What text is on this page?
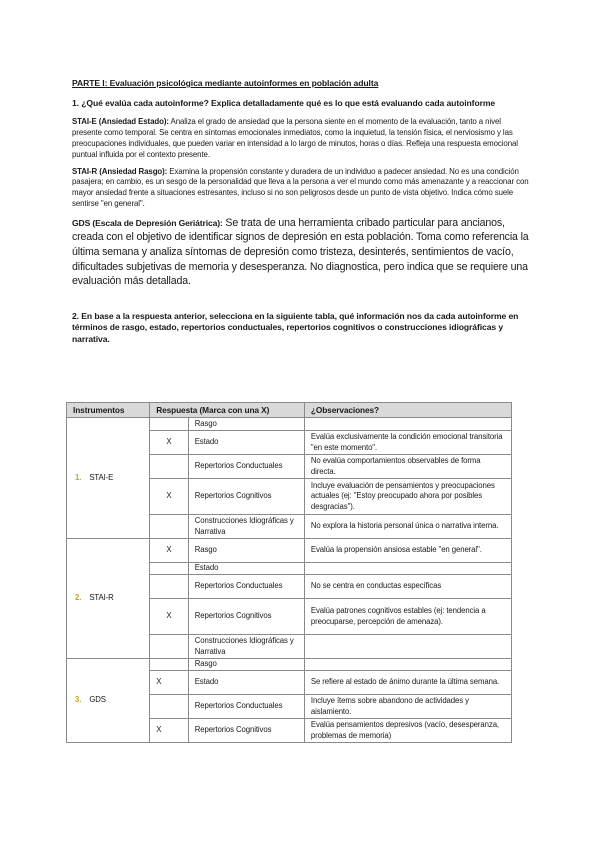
PARTE I: Evaluación psicológica mediante autoinformes en población adulta

1. ¿Qué evalúa cada autoinforme? Explica detalladamente qué es lo que está evaluando cada autoinforme

STAI-E (Ansiedad Estado): Analiza el grado de ansiedad que la persona siente en el momento de la evaluación, tanto a nivel presente como temporal. Se centra en síntomas emocionales inmediatos, como la inquietud, la tensión física, el nerviosismo y las preocupaciones individuales, que pueden variar en intensidad a lo largo de minutos, horas o días. Refleja una respuesta emocional puntual influida por el contexto presente.

STAI-R (Ansiedad Rasgo): Examina la propensión constante y duradera de un individuo a padecer ansiedad. No es una condición pasajera; en cambio, es un sesgo de la personalidad que lleva a la persona a ver el mundo como más amenazante y a reaccionar con mayor ansiedad frente a situaciones estresantes, incluso si no son peligrosos desde un punto de vista objetivo. Indica cómo suele sentirse "en general".

GDS (Escala de Depresión Geriátrica): Se trata de una herramienta cribado particular para ancianos, creada con el objetivo de identificar signos de depresión en esta población. Toma como referencia la última semana y analiza síntomas de depresión como tristeza, desinterés, sentimientos de vacío, dificultades subjetivas de memoria y desesperanza. No diagnostica, pero indica que se requiere una evaluación más detallada.

2. En base a la respuesta anterior, selecciona en la siguiente tabla, qué información nos da cada autoinforme en términos de rasgo, estado, repertorios conductuales, repertorios cognitivos o construcciones idiográficas y narrativa.

Instrumentos	Respuesta (Marca con una X)		¿Observaciones?
1. STAI-E		Rasgo	
	X	Estado	Evalúa exclusivamente la condición emocional transitoria "en este momento".
		Repertorios Conductuales	No evalúa comportamientos observables de forma directa.
	X	Repertorios Cognitivos	Incluye evaluación de pensamientos y preocupaciones actuales (ej: "Estoy preocupado ahora por posibles desgracias").
		Construcciones Idiográficas y Narrativa	No explora la historia personal única o narrativa interna.
2. STAI-R	X	Rasgo	Evalúa la propensión ansiosa estable "en general".
		Estado	
		Repertorios Conductuales	No se centra en conductas específicas
	X	Repertorios Cognitivos	Evalúa patrones cognitivos estables (ej: tendencia a preocuparse, percepción de amenaza).
		Construcciones Idiográficas y Narrativa	
3. GDS		Rasgo	
	X	Estado	Se refiere al estado de ánimo durante la última semana.
		Repertorios Conductuales	Incluye ítems sobre abandono de actividades y aislamiento.
	X	Repertorios Cognitivos	Evalúa pensamientos depresivos (vacío, desesperanza, problemas de memoria)
